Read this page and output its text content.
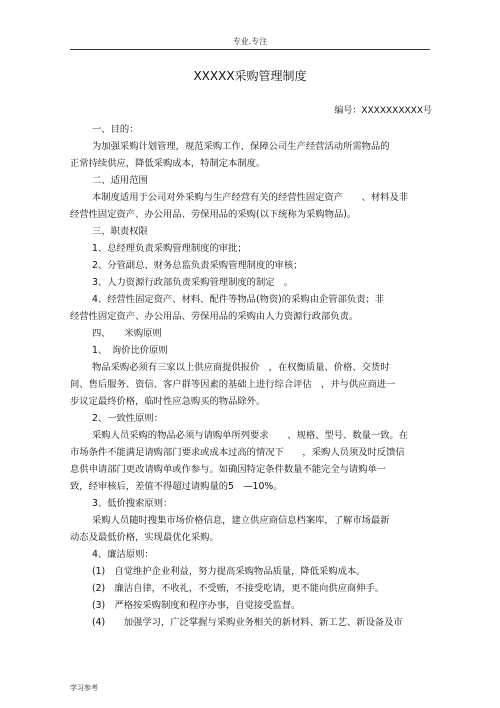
专业.专注
XXXXX采购管理制度
编号：XXXXXXXXXX号
一、目的：
为加强采购计划管理，规范采购工作，保障公司生产经营活动所需物品的
正常持续供应，降低采购成本，特制定本制度。
二、适用范围
本制度适用于公司对外采购与生产经营有关的经营性固定资产　　、材料及非
经营性固定资产、办公用品、劳保用品的采购(以下统称为采购物品)。
三、职责权限
1、总经理负责采购管理制度的审批；
2、分管副总、财务总监负责采购管理制度的审核；
3、人力资源行政部负责采购管理制度的制定　。
4、经营性固定资产、材料、配件等物品(物资)的采购由企管部负责；非
经营性固定资产、办公用品、劳保用品的采购由人力资源行政部负责。
四、　　米购原则
1、　询价比价原则
物品采购必须有三家以上供应商提供报价　，在权衡质量、价格、交货时
间、售后服务、资信、客户群等因素的基础上进行综合评估　，并与供应商进一
步议定最终价格，临时性应急购买的物品除外。
2、一致性原则：
采购人员采购的物品必须与请购单所列要求　　、规格、型号、数量一致。在
市场条件不能满足请购部门要求或成本过高的情况下　　，采购人员须及时反馈信
息供申请部门更改请购单或作参与。如确因特定条件数量不能完全与请购单一
致，经审核后，差值不得超过请购量的5　—10%。
3、低价搜索原则：
采购人员随时搜集市场价格信息，建立供应商信息档案库，了解市场最新
动态及最低价格，实现最优化采购。
4、廉洁原则：
(1)　自觉维护企业利益，努力提高采购物品质量，降低采购成本。
(2)　廉洁自律，不收礼，不受贿，不接受吃请，更不能向供应商伸手。
(3)　严格按采购制度和程序办事，自觉接受监督。
(4)　　加强学习，广泛掌握与采购业务相关的新材料、新工艺、新设备及市
学习参考
